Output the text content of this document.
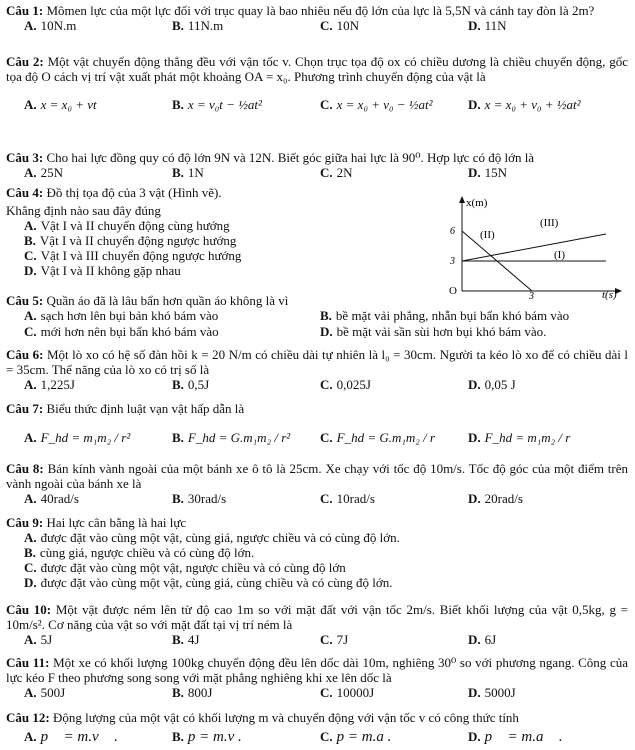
Câu 1: Mômen lực của một lực đối với trục quay là bao nhiêu nếu độ lớn của lực là 5,5N và cánh tay đòn là 2m?
A. 10N.m	B. 11N.m	C. 10N	D. 11N
Câu 2: Một vật chuyển động thẳng đều với vận tốc v. Chọn trục tọa độ ox có chiều dương là chiều chuyển động, gốc tọa độ O cách vị trí vật xuất phát một khoảng OA = x₀. Phương trình chuyển động của vật là
A. x = x₀ + vt	B. x = v₀t − ½at²	C. x = x₀ + v₀ − ½at²	D. x = x₀ + v₀ + ½at²
Câu 3: Cho hai lực đồng quy có độ lớn 9N và 12N. Biết góc giữa hai lực là 90⁰. Hợp lực có độ lớn là
A. 25N	B. 1N	C. 2N	D. 15N
Câu 4: Đồ thị tọa độ của 3 vật (Hình vẽ).
Khẳng định nào sau đây đúng
A. Vật I và II chuyển động cùng hướng
B. Vật I và II chuyển động ngược hướng
C. Vật I và III chuyển động ngược hướng
D. Vật I và II không gặp nhau
x(m)
t(s)
O
6
3
3
(II)
(III)
(I)
Câu 5: Quần áo đã là lâu bẩn hơn quần áo không là vì
A. sạch hơn lên bụi bản khó bám vào	B. bề mặt vải phẳng, nhẵn bụi bẩn khó bám vào
C. mới hơn nên bụi bẩn khó bám vào	D. bề mặt vải sần sùi hơn bụi khó bám vào.
Câu 6: Một lò xo có hệ số đàn hồi k = 20 N/m có chiều dài tự nhiên là l₀ = 30cm. Người ta kéo lò xo để có chiều dài l = 35cm. Thế năng của lò xo có trị số là
A. 1,225J	B. 0,5J	C. 0,025J	D. 0,05 J
Câu 7: Biểu thức định luật vạn vật hấp dẫn là
A. F_hd = m₁m₂ / r²	B. F_hd = G.m₁m₂ / r² C. F_hd = G.m₁m₂ / r	D. F_hd = m₁m₂ / r
Câu 8: Bán kính vành ngoài của một bánh xe ô tô là 25cm. Xe chạy với tốc độ 10m/s. Tốc độ góc của một điểm trên vành ngoài của bánh xe là
A. 40rad/s	B. 30rad/s	C. 10rad/s	D. 20rad/s
Câu 9: Hai lực cân bằng là hai lực
A. được đặt vào cùng một vật, cùng giá, ngược chiều và có cùng độ lớn.
B. cùng giá, ngược chiều và có cùng độ lớn.
C. được đặt vào cùng một vật, ngược chiều và có cùng độ lớn
D. được đặt vào cùng một vật, cùng giá, cùng chiều và có cùng độ lớn.
Câu 10: Một vật được ném lên từ độ cao 1m so với mặt đất với vận tốc 2m/s. Biết khối lượng của vật 0,5kg, g = 10m/s². Cơ năng của vật so với mặt đất tại vị trí ném là
A. 5J	B. 4J	C. 7J	D. 6J
Câu 11: Một xe có khối lượng 100kg chuyển động đều lên dốc dài 10m, nghiêng 30⁰ so với phương ngang. Công của lực kéo F theo phương song song với mặt phẳng nghiêng khi xe lên dốc là
A. 500J	B. 800J	C. 10000J	D. 5000J
Câu 12: Động lượng của một vật có khối lượng m và chuyển động với vận tốc v có công thức tính
A. p⃗ = m.v⃗ .	B. p = m.v .	C. p = m.a .	D. p⃗ = m.a⃗ .
